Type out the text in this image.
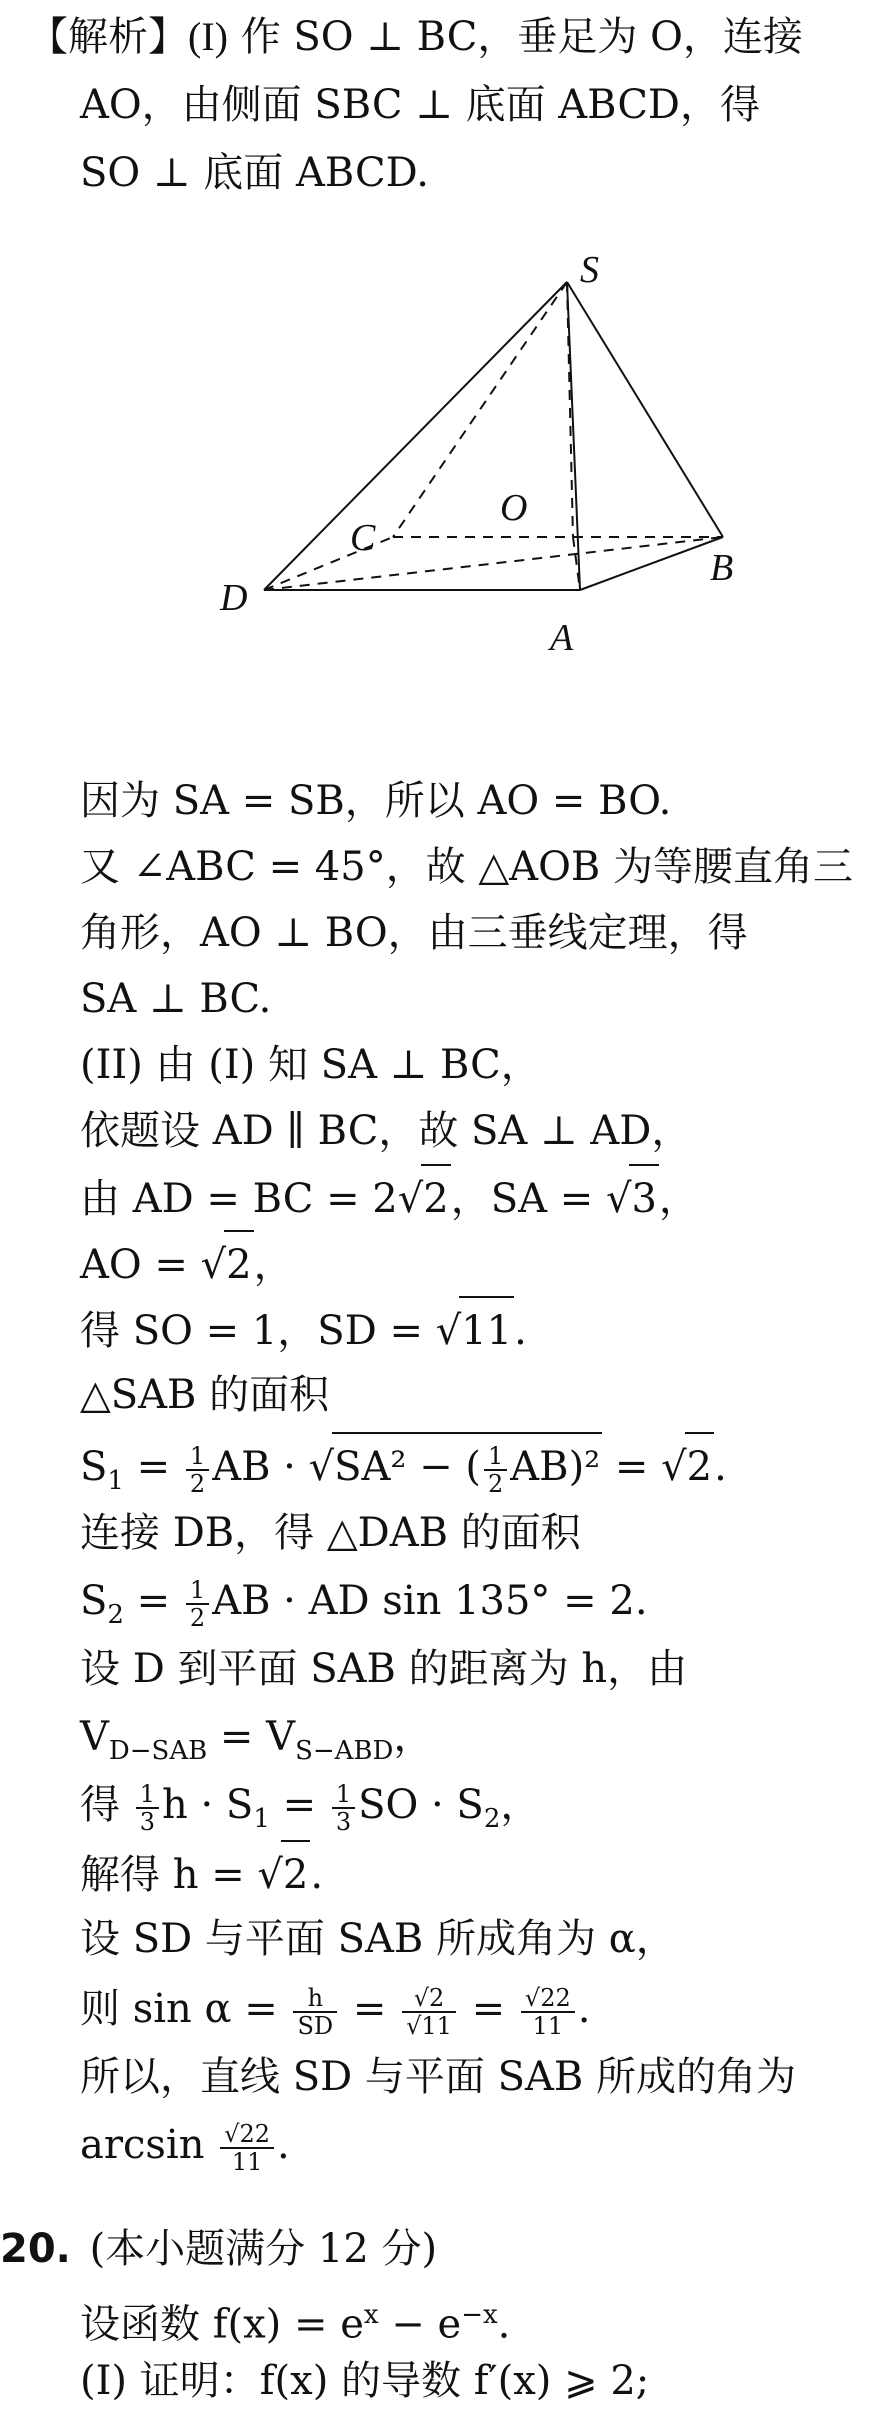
【解析】(I) 作 SO ⊥ BC，垂足为 O，连接
AO，由侧面 SBC ⊥ 底面 ABCD，得
SO ⊥ 底面 ABCD.
S
O
C
B
D
A
因为 SA = SB，所以 AO = BO.
又 ∠ABC = 45°，故 △AOB 为等腰直角三
角形，AO ⊥ BO，由三垂线定理，得
SA ⊥ BC.
(II) 由 (I) 知 SA ⊥ BC，
依题设 AD ∥ BC，故 SA ⊥ AD，
由 AD = BC = 2√2，SA = √3，
AO = √2，
得 SO = 1，SD = √11.
△SAB 的面积
$S_1 = \frac{1}{2}$ AB · √SA² − ( $\frac{1}{2} AB)^2 = √2$.
连接 DB，得 △DAB 的面积
$S_2 = \frac{1}{2}$ AB · AD sin 135° = 2.
设 D 到平面 SAB 的距离为 h，由
$V_{D-SAB} = V_{S-ABD}$，
得 $\frac{1}{3}$ $h \cdot S_1 = \frac{1}{3}$ SO · $S_2$，
解得 h = √2.
设 SD 与平面 SAB 所成角为 α，
则 $\sin \alpha = \frac{h}{SD} = \frac{√2}{√11} = \frac{√22}{11}$ .
所以，直线 SD 与平面 SAB 所成的角为
$\arcsin \frac{√22}{11}$ .
20. (本小题满分 12 分)
设函数 $f(x) = e^x - e^{-x}$.
(I) 证明：f(x) 的导数 f′(x) ⩾ 2;
